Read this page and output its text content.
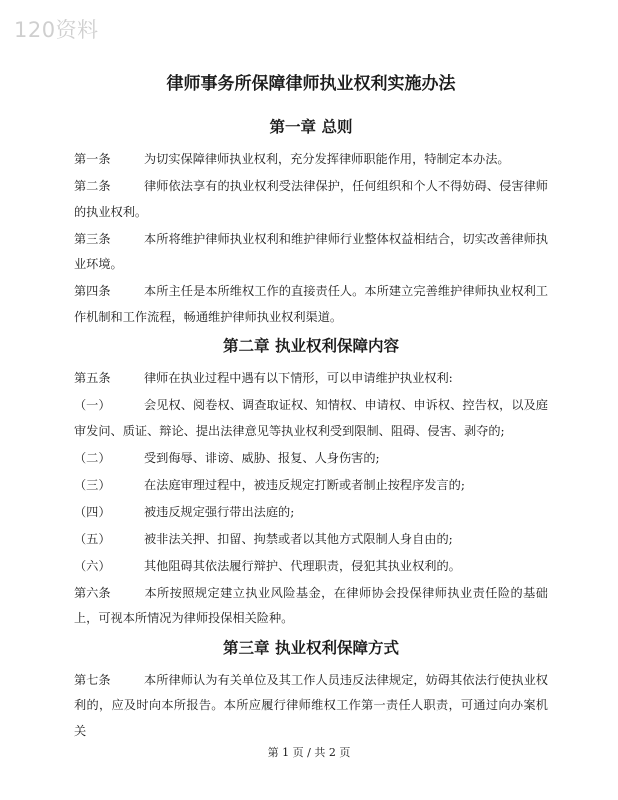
120资料
律师事务所保障律师执业权利实施办法
第一章 总则

第一条	为切实保障律师执业权利，充分发挥律师职能作用，特制定本办法。

第二条	律师依法享有的执业权利受法律保护，任何组织和个人不得妨碍、侵害律师的执业权利。

第三条	本所将维护律师执业权利和维护律师行业整体权益相结合，切实改善律师执业环境。

第四条	本所主任是本所维权工作的直接责任人。本所建立完善维护律师执业权利工作机制和工作流程，畅通维护律师执业权利渠道。

第二章 执业权利保障内容

第五条	律师在执业过程中遇有以下情形，可以申请维护执业权利:

（一）	会见权、阅卷权、调查取证权、知情权、申请权、申诉权、控告权，以及庭审发问、质证、辩论、提出法律意见等执业权利受到限制、阻碍、侵害、剥夺的;

（二）	受到侮辱、诽谤、威胁、报复、人身伤害的;

（三）	在法庭审理过程中，被违反规定打断或者制止按程序发言的;

（四）	被违反规定强行带出法庭的;

（五）	被非法关押、扣留、拘禁或者以其他方式限制人身自由的;

（六）	其他阻碍其依法履行辩护、代理职责，侵犯其执业权利的。

第六条	本所按照规定建立执业风险基金，在律师协会投保律师执业责任险的基础上，可视本所情况为律师投保相关险种。

第三章 执业权利保障方式

第七条	本所律师认为有关单位及其工作人员违反法律规定，妨碍其依法行使执业权利的，应及时向本所报告。本所应履行律师维权工作第一责任人职责，可通过向办案机关

第 1 页 / 共 2 页
